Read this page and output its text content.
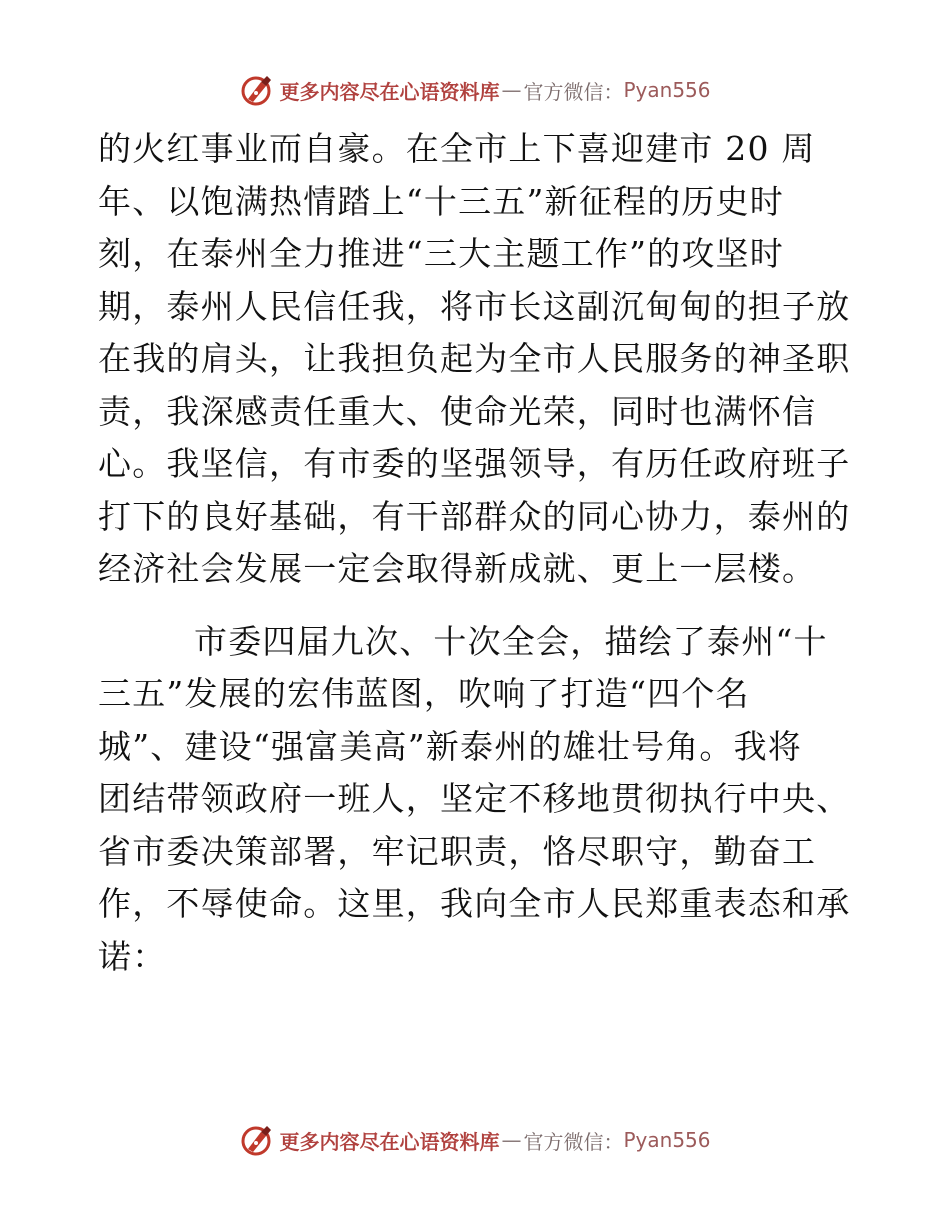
更多内容尽在心语资料库 — 官方微信： Pyan556
的火红事业而自豪。在全市上下喜迎建市 20 周
年、以饱满热情踏上“十三五”新征程的历史时
刻，在泰州全力推进“三大主题工作”的攻坚时
期，泰州人民信任我，将市长这副沉甸甸的担子放
在我的肩头，让我担负起为全市人民服务的神圣职
责，我深感责任重大、使命光荣，同时也满怀信
心。我坚信，有市委的坚强领导，有历任政府班子
打下的良好基础，有干部群众的同心协力，泰州的
经济社会发展一定会取得新成就、更上一层楼。
市委四届九次、十次全会，描绘了泰州“十
三五”发展的宏伟蓝图，吹响了打造“四个名
城”、建设“强富美高”新泰州的雄壮号角。我将
团结带领政府一班人，坚定不移地贯彻执行中央、
省市委决策部署，牢记职责，恪尽职守，勤奋工
作，不辱使命。这里，我向全市人民郑重表态和承
诺：
更多内容尽在心语资料库 — 官方微信： Pyan556
